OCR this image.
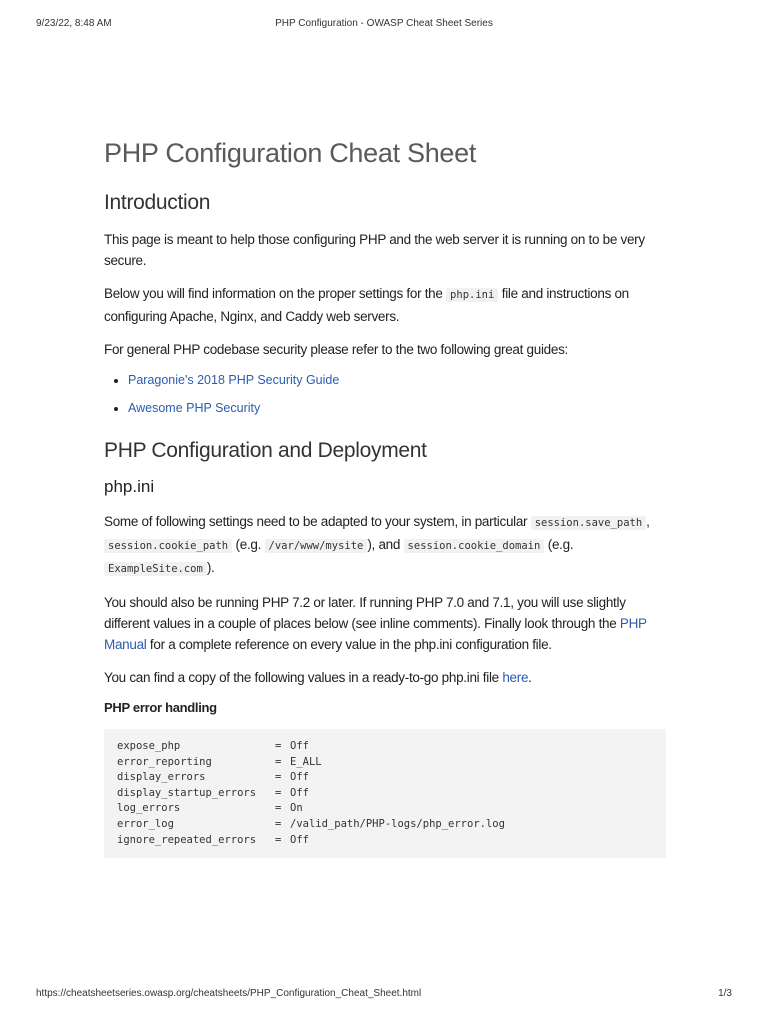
9/23/22, 8:48 AM	PHP Configuration - OWASP Cheat Sheet Series
PHP Configuration Cheat Sheet
Introduction

This page is meant to help those configuring PHP and the web server it is running on to be very secure.

Below you will find information on the proper settings for the php.ini file and instructions on configuring Apache, Nginx, and Caddy web servers.

For general PHP codebase security please refer to the two following great guides:

• Paragonie's 2018 PHP Security Guide
• Awesome PHP Security
PHP Configuration and Deployment
php.ini

Some of following settings need to be adapted to your system, in particular session.save_path , session.cookie_path (e.g. /var/www/mysite ), and session.cookie_domain (e.g. ExampleSite.com ).

You should also be running PHP 7.2 or later. If running PHP 7.0 and 7.1, you will use slightly different values in a couple of places below (see inline comments). Finally look through the PHP Manual for a complete reference on every value in the php.ini configuration file.

You can find a copy of the following values in a ready-to-go php.ini file here.

PHP error handling
expose_php	= Off
error_reporting	= E_ALL
display_errors	= Off
display_startup_errors	= Off
log_errors	= On
error_log	= /valid_path/PHP-logs/php_error.log
ignore_repeated_errors	= Off
https://cheatsheetseries.owasp.org/cheatsheets/PHP_Configuration_Cheat_Sheet.html	1/3
